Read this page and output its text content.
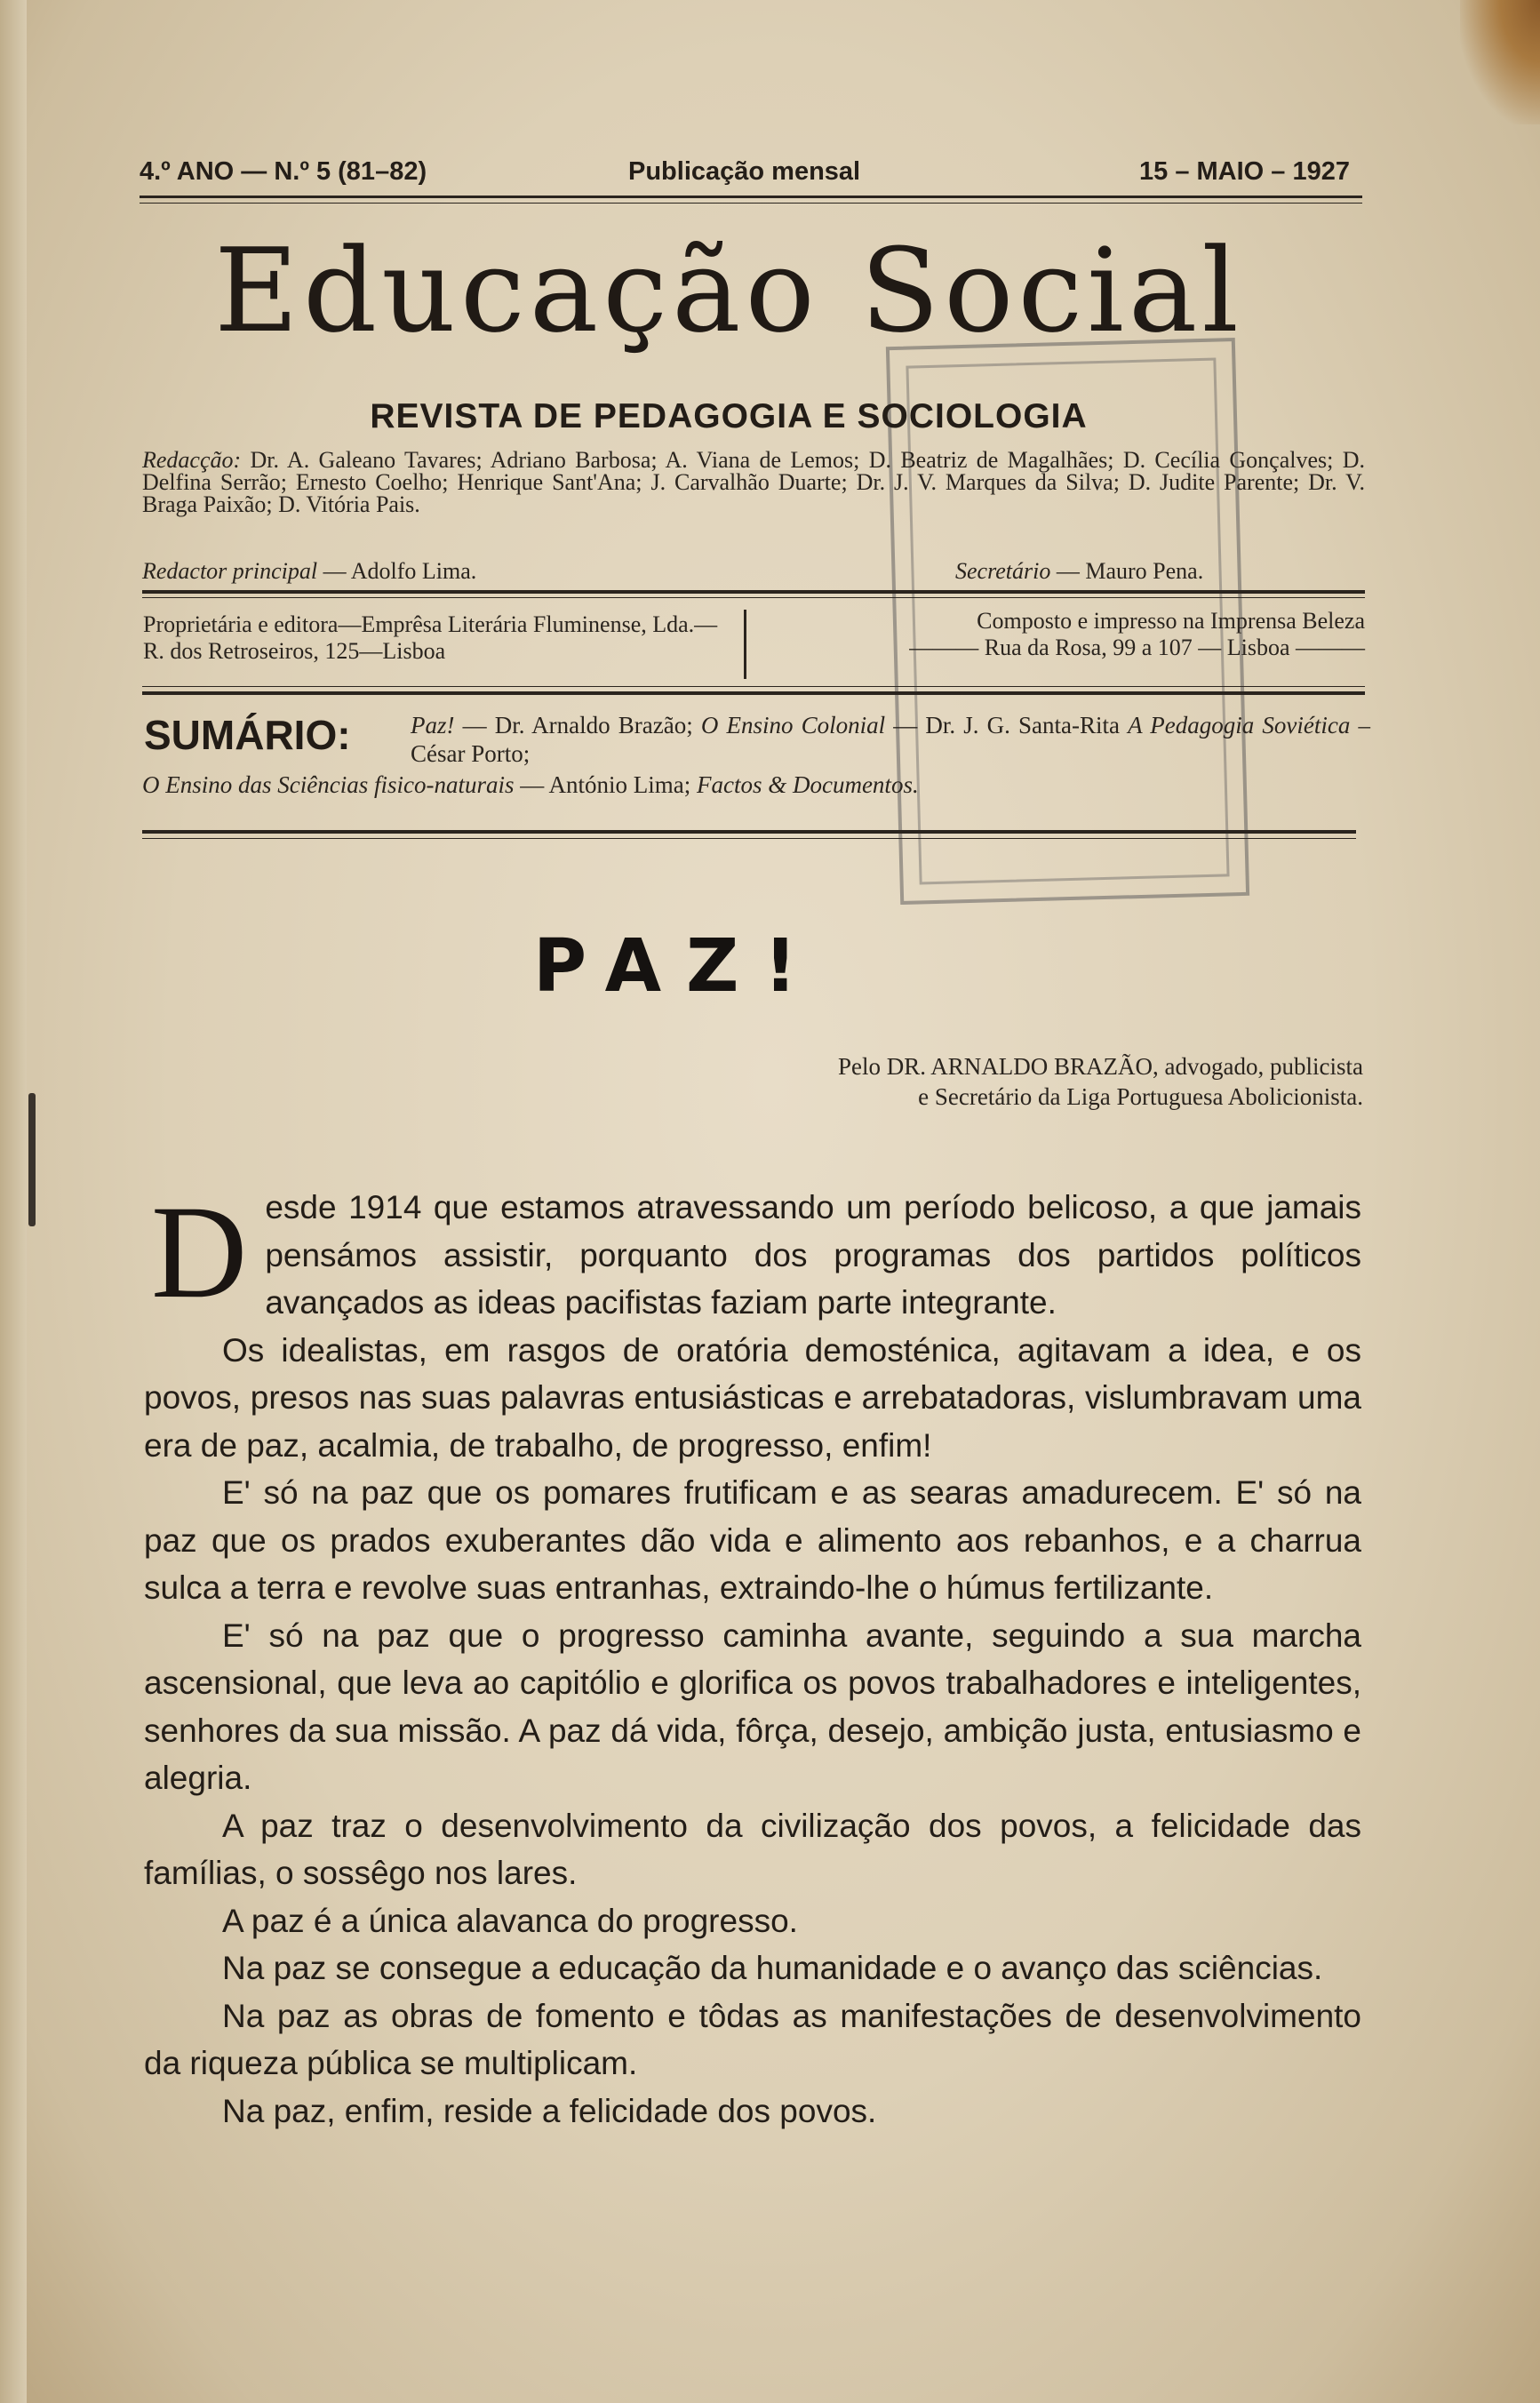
4.º ANO — N.º 5 (81–82)	Publicação mensal	15 – MAIO – 1927
Educação Social
REVISTA DE PEDAGOGIA E SOCIOLOGIA
Redacção: Dr. A. Galeano Tavares; Adriano Barbosa; A. Viana de Lemos; D. Beatriz de Magalhães; D. Cecília Gonçalves; D. Delfina Serrão; Ernesto Coelho; Henrique Sant'Ana; J. Carvalhão Duarte; Dr. J. V. Marques da Silva; D. Judite Parente; Dr. V. Braga Paixão; D. Vitória Pais.
Redactor principal — Adolfo Lima.	Secretário — Mauro Pena.
Proprietária e editora—Emprêsa Literária Fluminense, Lda.—R. dos Retroseiros, 125—Lisboa
Composto e impresso na Imprensa Beleza
——— Rua da Rosa, 99 a 107 — Lisboa ———
SUMÁRIO: Paz! — Dr. Arnaldo Brazão; O Ensino Colonial — Dr. J. G. Santa-Rita A Pedagogia Soviética – César Porto;
O Ensino das Sciências fisico-naturais — António Lima; Factos & Documentos.
PAZ!
Pelo DR. ARNALDO BRAZÃO, advogado, publicista
e Secretário da Liga Portuguesa Abolicionista.

Desde 1914 que estamos atravessando um período belicoso, a que jamais pensámos assistir, porquanto dos programas dos partidos políticos avançados as ideas pacifistas faziam parte integrante.

Os idealistas, em rasgos de oratória demosténica, agitavam a idea, e os povos, presos nas suas palavras entusiásticas e arrebatadoras, vislumbravam uma era de paz, acalmia, de trabalho, de progresso, enfim!

E' só na paz que os pomares frutificam e as searas amadurecem. E' só na paz que os prados exuberantes dão vida e alimento aos rebanhos, e a charrua sulca a terra e revolve suas entranhas, extraindo-lhe o húmus fertilizante.

E' só na paz que o progresso caminha avante, seguindo a sua marcha ascensional, que leva ao capitólio e glorifica os povos trabalhadores e inteligentes, senhores da sua missão. A paz dá vida, fôrça, desejo, ambição justa, entusiasmo e alegria.

A paz traz o desenvolvimento da civilização dos povos, a felicidade das famílias, o sossêgo nos lares.

A paz é a única alavanca do progresso.

Na paz se consegue a educação da humanidade e o avanço das sciências.

Na paz as obras de fomento e tôdas as manifestações de desenvolvimento da riqueza pública se multiplicam.

Na paz, enfim, reside a felicidade dos povos.
